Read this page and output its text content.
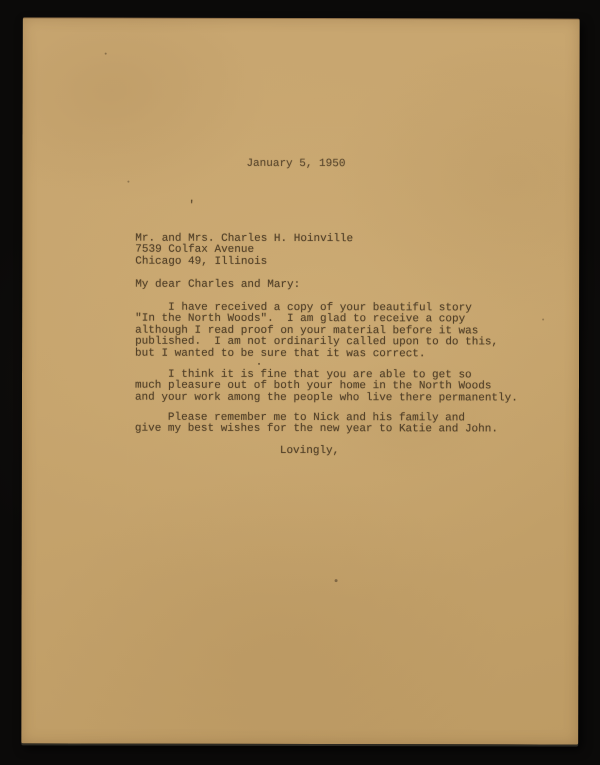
January 5, 1950
'
Mr. and Mrs. Charles H. Hoinville
7539 Colfax Avenue
Chicago 49, Illinois
My dear Charles and Mary:
I have received a copy of your beautiful story
"In the North Woods".  I am glad to receive a copy
although I read proof on your material before it was
published.  I am not ordinarily called upon to do this,
but I wanted to be sure that it was correct.
I think it is fine that you are able to get so
much pleasure out of both your home in the North Woods
and your work among the people who live there permanently.
Please remember me to Nick and his family and
give my best wishes for the new year to Katie and John.
Lovingly,
